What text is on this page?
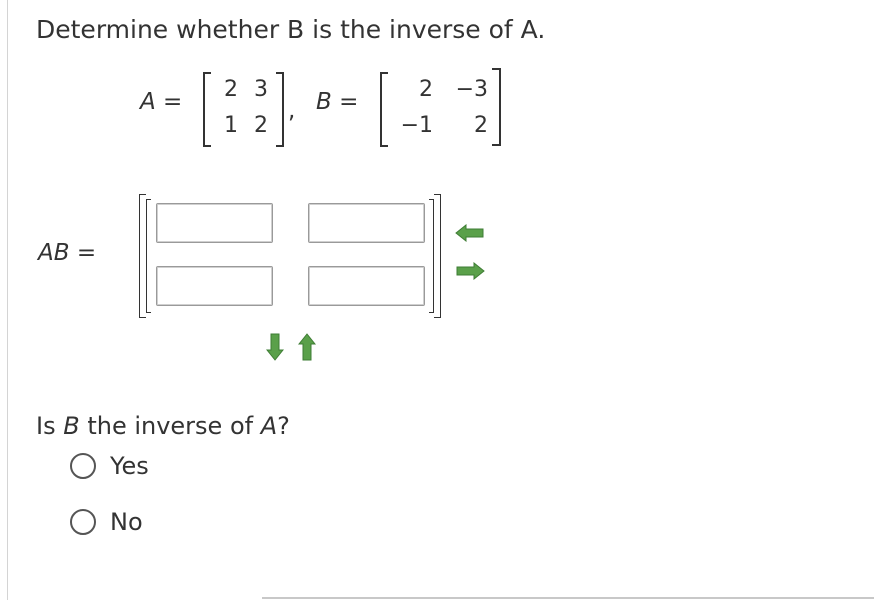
Determine whether B is the inverse of A.
A = 2 3
1 2
, B =	2	−3
−1	2
AB =
Is B the inverse of A?
Yes
No
